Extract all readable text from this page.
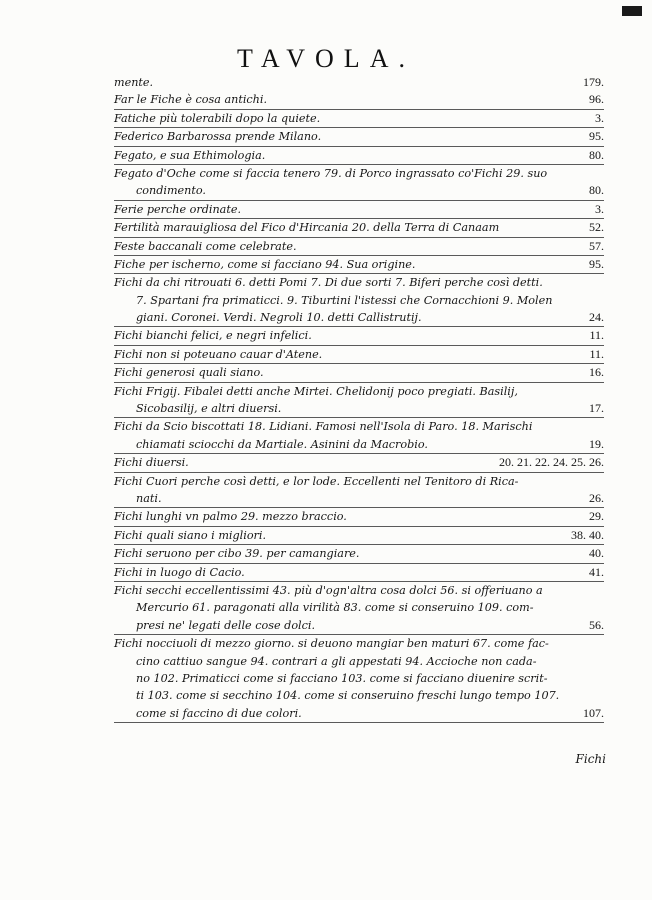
TAVOLA.
mente.	179.
Far le Fiche è cosa antichi.	96.
Fatiche più tolerabili dopo la quiete.	3.
Federico Barbarossa prende Milano.	95.
Fegato, e sua Ethimologia.	80.
Fegato d'Oche come si faccia tenero 79. di Porco ingrassato co'Fichi 29. suo
condimento.	80.
Ferie perche ordinate.	3.
Fertilità marauigliosa del Fico d'Hircania 20. della Terra di Canaam	52.
Feste baccanali come celebrate.	57.
Fiche per ischerno, come si facciano 94. Sua origine.	95.
Fichi da chi ritrouati 6. detti Pomi 7. Di due sorti 7. Biferi perche così detti.
7. Spartani fra primaticci. 9. Tiburtini l'istessi che Cornacchioni 9. Molen
giani. Coronei. Verdi. Negroli 10. detti Callistrutij.	24.
Fichi bianchi felici, e negri infelici.	11.
Fichi non si poteuano cauar d'Atene.	11.
Fichi generosi quali siano.	16.
Fichi Frigij. Fibalei detti anche Mirtei. Chelidonij poco pregiati. Basilij,
Sicobasilij, e altri diuersi.	17.
Fichi da Scio biscottati 18. Lidiani. Famosi nell'Isola di Paro. 18. Marischi
chiamati sciocchi da Martiale. Asinini da Macrobio.	19.
Fichi diuersi.	20. 21. 22. 24. 25. 26.
Fichi Cuori perche così detti, e lor lode. Eccellenti nel Tenitoro di Rica-
nati.	26.
Fichi lunghi vn palmo 29. mezzo braccio.	29.
Fichi quali siano i migliori.	38. 40.
Fichi seruono per cibo 39. per camangiare.	40.
Fichi in luogo di Cacio.	41.
Fichi secchi eccellentissimi 43. più d'ogn'altra cosa dolci 56. si offeriuano a
Mercurio 61. paragonati alla virilità 83. come si conseruino 109. com-
presi ne' legati delle cose dolci.	56.
Fichi nocciuoli di mezzo giorno. si deuono mangiar ben maturi 67. come fac-
cino cattiuo sangue 94. contrari a gli appestati 94. Accioche non cada-
no 102. Primaticci come si facciano 103. come si facciano diuenire scrit-
ti 103. come si secchino 104. come si conseruino freschi lungo tempo 107.
come si faccino di due colori.	107.
Fichi
